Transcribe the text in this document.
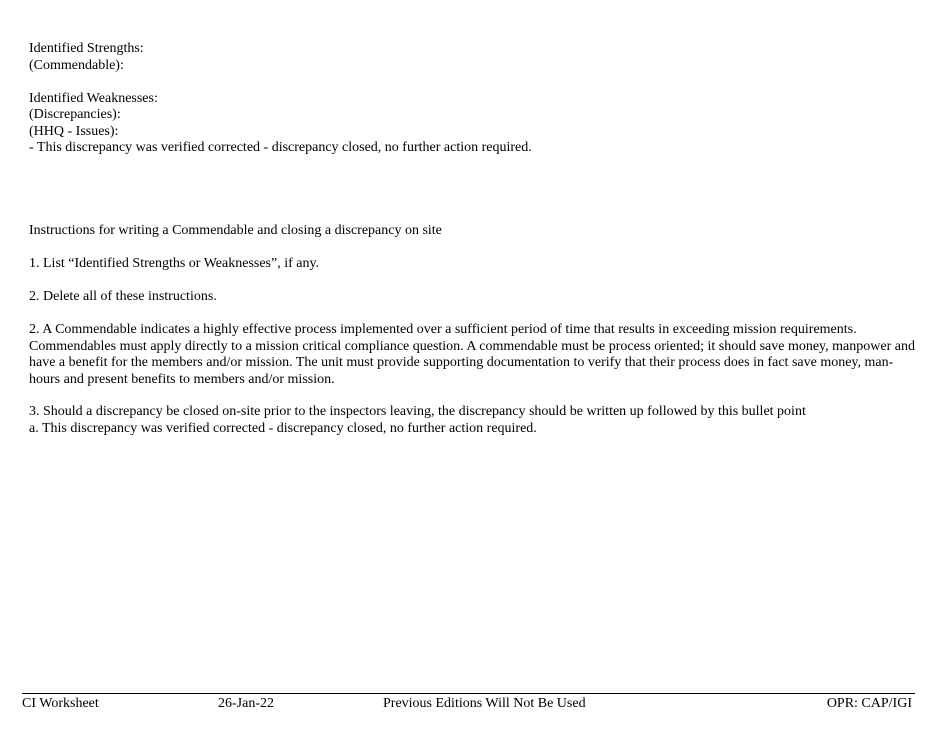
Identified Strengths:
(Commendable):
Identified Weaknesses:
(Discrepancies):
(HHQ - Issues):
- This discrepancy was verified corrected - discrepancy closed, no further action required.
Instructions for writing a Commendable and closing a discrepancy on site
1. List “Identified Strengths or Weaknesses”, if any.
2. Delete all of these instructions.
2. A Commendable indicates a highly effective process implemented over a sufficient period of time that results in exceeding mission requirements. Commendables must apply directly to a mission critical compliance question. A commendable must be process oriented; it should save money, manpower and have a benefit for the members and/or mission. The unit must provide supporting documentation to verify that their process does in fact save money, man-hours and present benefits to members and/or mission.
3. Should a discrepancy be closed on-site prior to the inspectors leaving, the discrepancy should be written up followed by this bullet point
a. This discrepancy was verified corrected - discrepancy closed, no further action required.
CI Worksheet	26-Jan-22	Previous Editions Will Not Be Used	OPR: CAP/IGI
